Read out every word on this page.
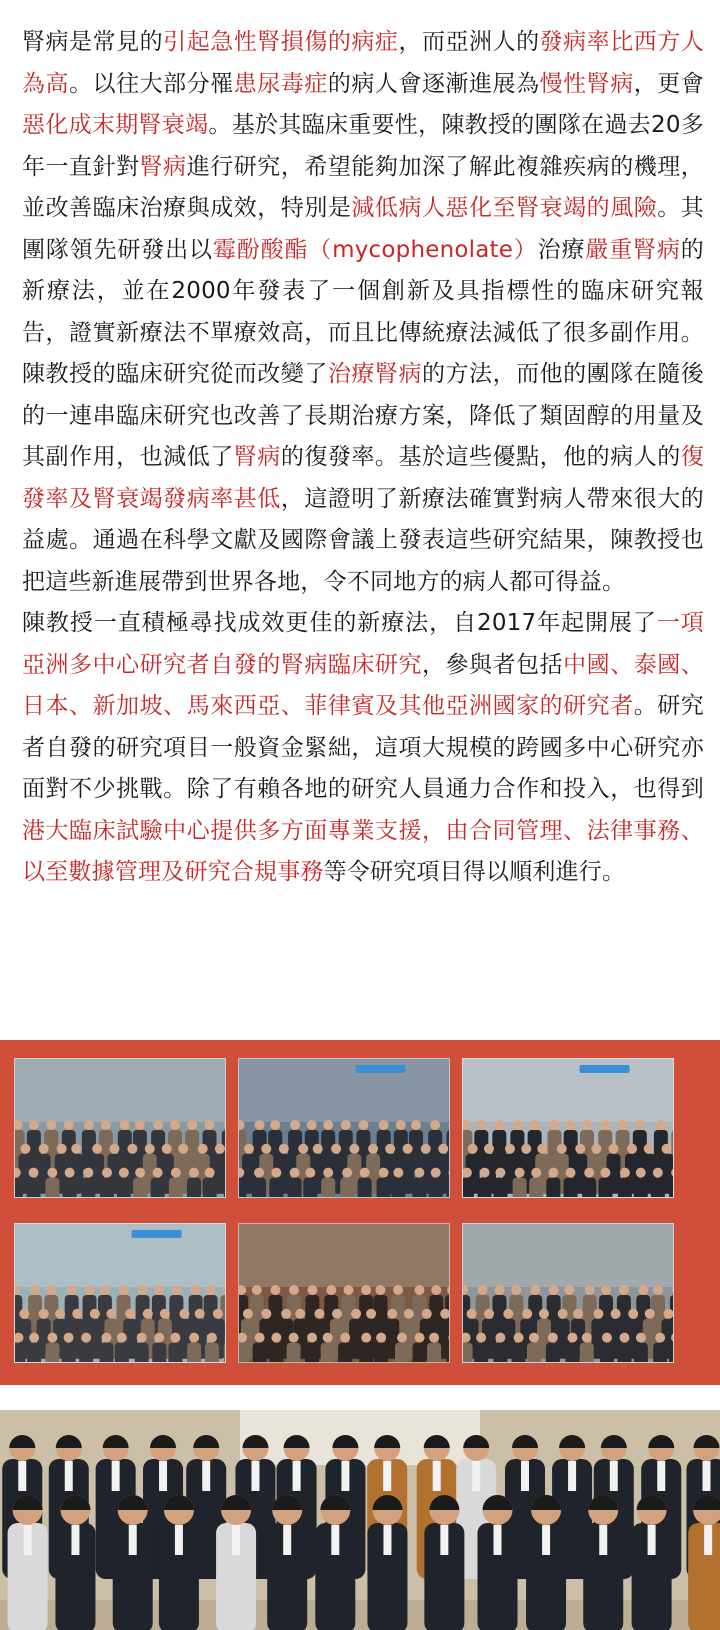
腎病是常見的引起急性腎損傷的病症，而亞洲人的發病率比西方人為高。以往大部分罹患尿毒症的病人會逐漸進展為慢性腎病，更會惡化成末期腎衰竭。基於其臨床重要性，陳教授的團隊在過去20多年一直針對腎病進行研究，希望能夠加深了解此複雜疾病的機理，並改善臨床治療與成效，特別是減低病人惡化至腎衰竭的風險。其團隊領先研發出以霉酚酸酯（mycophenolate）治療嚴重腎病的新療法，並在2000年發表了一個創新及具指標性的臨床研究報告，證實新療法不單療效高，而且比傳統療法減低了很多副作用。陳教授的臨床研究從而改變了治療腎病的方法，而他的團隊在隨後的一連串臨床研究也改善了長期治療方案，降低了類固醇的用量及其副作用，也減低了腎病的復發率。基於這些優點，他的病人的復發率及腎衰竭發病率甚低，這證明了新療法確實對病人帶來很大的益處。通過在科學文獻及國際會議上發表這些研究結果，陳教授也把這些新進展帶到世界各地，令不同地方的病人都可得益。

陳教授一直積極尋找成效更佳的新療法，自2017年起開展了一項亞洲多中心研究者自發的腎病臨床研究，參與者包括中國、泰國、日本、新加坡、馬來西亞、菲律賓及其他亞洲國家的研究者。研究者自發的研究項目一般資金緊絀，這項大規模的跨國多中心研究亦面對不少挑戰。除了有賴各地的研究人員通力合作和投入，也得到港大臨床試驗中心提供多方面專業支援，由合同管理、法律事務、以至數據管理及研究合規事務等令研究項目得以順利進行。
